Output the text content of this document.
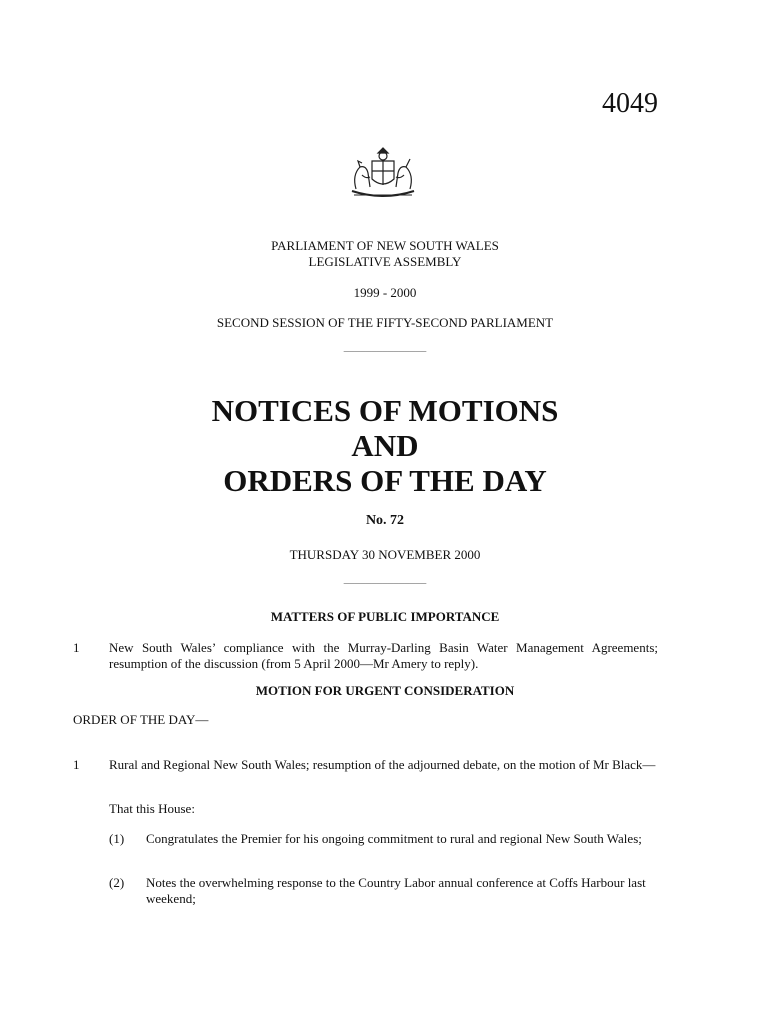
4049
PARLIAMENT OF NEW SOUTH WALES
LEGISLATIVE ASSEMBLY
1999 - 2000
SECOND SESSION OF THE FIFTY-SECOND PARLIAMENT
_______________
NOTICES OF MOTIONS
AND
ORDERS OF THE DAY
No. 72
THURSDAY 30 NOVEMBER 2000
_______________
MATTERS OF PUBLIC IMPORTANCE
1 New South Wales’ compliance with the Murray-Darling Basin Water Management Agreements; resumption of the discussion (from 5 April 2000—Mr Amery to reply).
MOTION FOR URGENT CONSIDERATION
ORDER OF THE DAY—
1 Rural and Regional New South Wales; resumption of the adjourned debate, on the motion of Mr Black—
That this House:
(1) Congratulates the Premier for his ongoing commitment to rural and regional New South Wales;
(2) Notes the overwhelming response to the Country Labor annual conference at Coffs Harbour last weekend;
